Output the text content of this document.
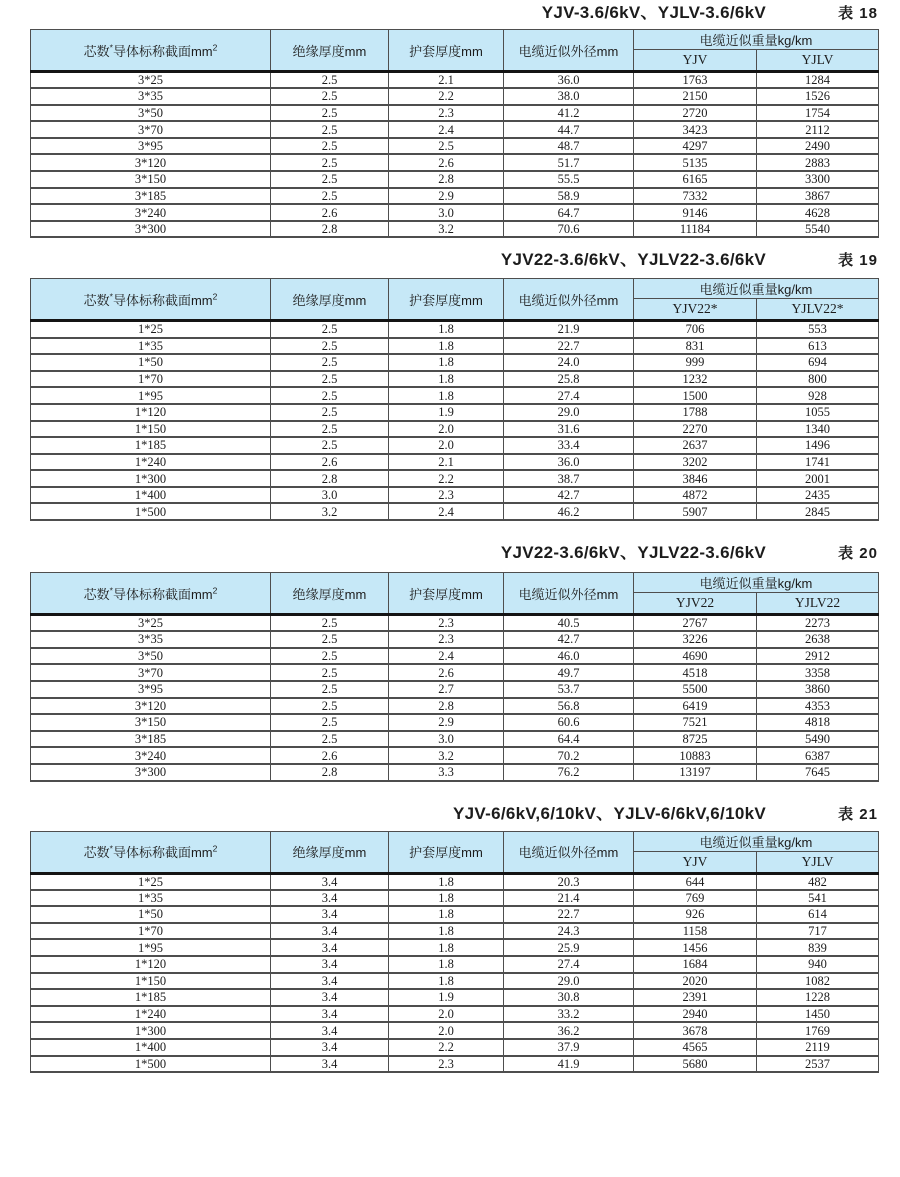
YJV-3.6/6kV、YJLV-3.6/6kV	表 18
芯数*导体标称截面$mm^2$	绝缘厚度mm	护套厚度mm	电缆近似外径mm	电缆近似重量kg/km	
				YJV	YJLV
3*25	2.5	2.1	36.0	1763	1284
3*35	2.5	2.2	38.0	2150	1526
3*50	2.5	2.3	41.2	2720	1754
3*70	2.5	2.4	44.7	3423	2112
3*95	2.5	2.5	48.7	4297	2490
3*120	2.5	2.6	51.7	5135	2883
3*150	2.5	2.8	55.5	6165	3300
3*185	2.5	2.9	58.9	7332	3867
3*240	2.6	3.0	64.7	9146	4628
3*300	2.8	3.2	70.6	11184	5540
YJV22-3.6/6kV、YJLV22-3.6/6kV	表 19
芯数*导体标称截面$mm^2$	绝缘厚度mm	护套厚度mm	电缆近似外径mm	电缆近似重量kg/km	
				YJV22*	YJLV22*
1*25	2.5	1.8	21.9	706	553
1*35	2.5	1.8	22.7	831	613
1*50	2.5	1.8	24.0	999	694
1*70	2.5	1.8	25.8	1232	800
1*95	2.5	1.8	27.4	1500	928
1*120	2.5	1.9	29.0	1788	1055
1*150	2.5	2.0	31.6	2270	1340
1*185	2.5	2.0	33.4	2637	1496
1*240	2.6	2.1	36.0	3202	1741
1*300	2.8	2.2	38.7	3846	2001
1*400	3.0	2.3	42.7	4872	2435
1*500	3.2	2.4	46.2	5907	2845
YJV22-3.6/6kV、YJLV22-3.6/6kV	表 20
芯数*导体标称截面$mm^2$	绝缘厚度mm	护套厚度mm	电缆近似外径mm	电缆近似重量kg/km	
				YJV22	YJLV22
3*25	2.5	2.3	40.5	2767	2273
3*35	2.5	2.3	42.7	3226	2638
3*50	2.5	2.4	46.0	4690	2912
3*70	2.5	2.6	49.7	4518	3358
3*95	2.5	2.7	53.7	5500	3860
3*120	2.5	2.8	56.8	6419	4353
3*150	2.5	2.9	60.6	7521	4818
3*185	2.5	3.0	64.4	8725	5490
3*240	2.6	3.2	70.2	10883	6387
3*300	2.8	3.3	76.2	13197	7645
YJV-6/6kV,6/10kV、YJLV-6/6kV,6/10kV	表 21
芯数*导体标称截面$mm^2$	绝缘厚度mm	护套厚度mm	电缆近似外径mm	电缆近似重量kg/km	
				YJV	YJLV
1*25	3.4	1.8	20.3	644	482
1*35	3.4	1.8	21.4	769	541
1*50	3.4	1.8	22.7	926	614
1*70	3.4	1.8	24.3	1158	717
1*95	3.4	1.8	25.9	1456	839
1*120	3.4	1.8	27.4	1684	940
1*150	3.4	1.8	29.0	2020	1082
1*185	3.4	1.9	30.8	2391	1228
1*240	3.4	2.0	33.2	2940	1450
1*300	3.4	2.0	36.2	3678	1769
1*400	3.4	2.2	37.9	4565	2119
1*500	3.4	2.3	41.9	5680	2537
